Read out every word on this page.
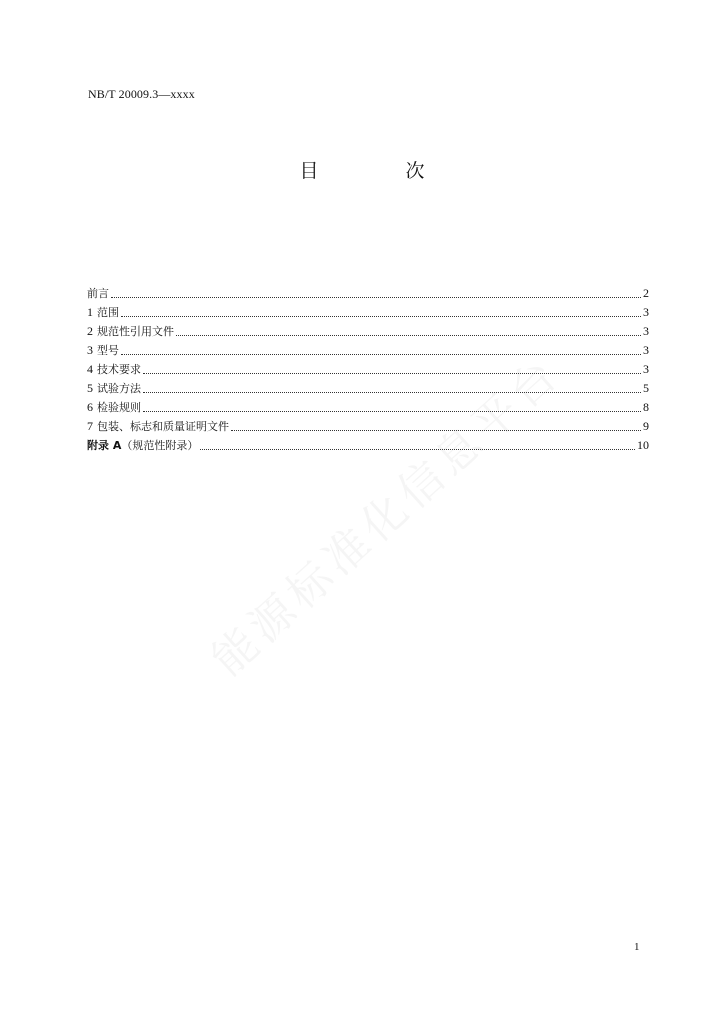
NB/T 20009.3—xxxx
目　次
前言	2
1 范围	3
2 规范性引用文件	3
3 型号	3
4 技术要求	3
5 试验方法	5
6 检验规则	8
7 包装、标志和质量证明文件	9
附录 A（规范性附录）	10
能源标准化信息平台
1
